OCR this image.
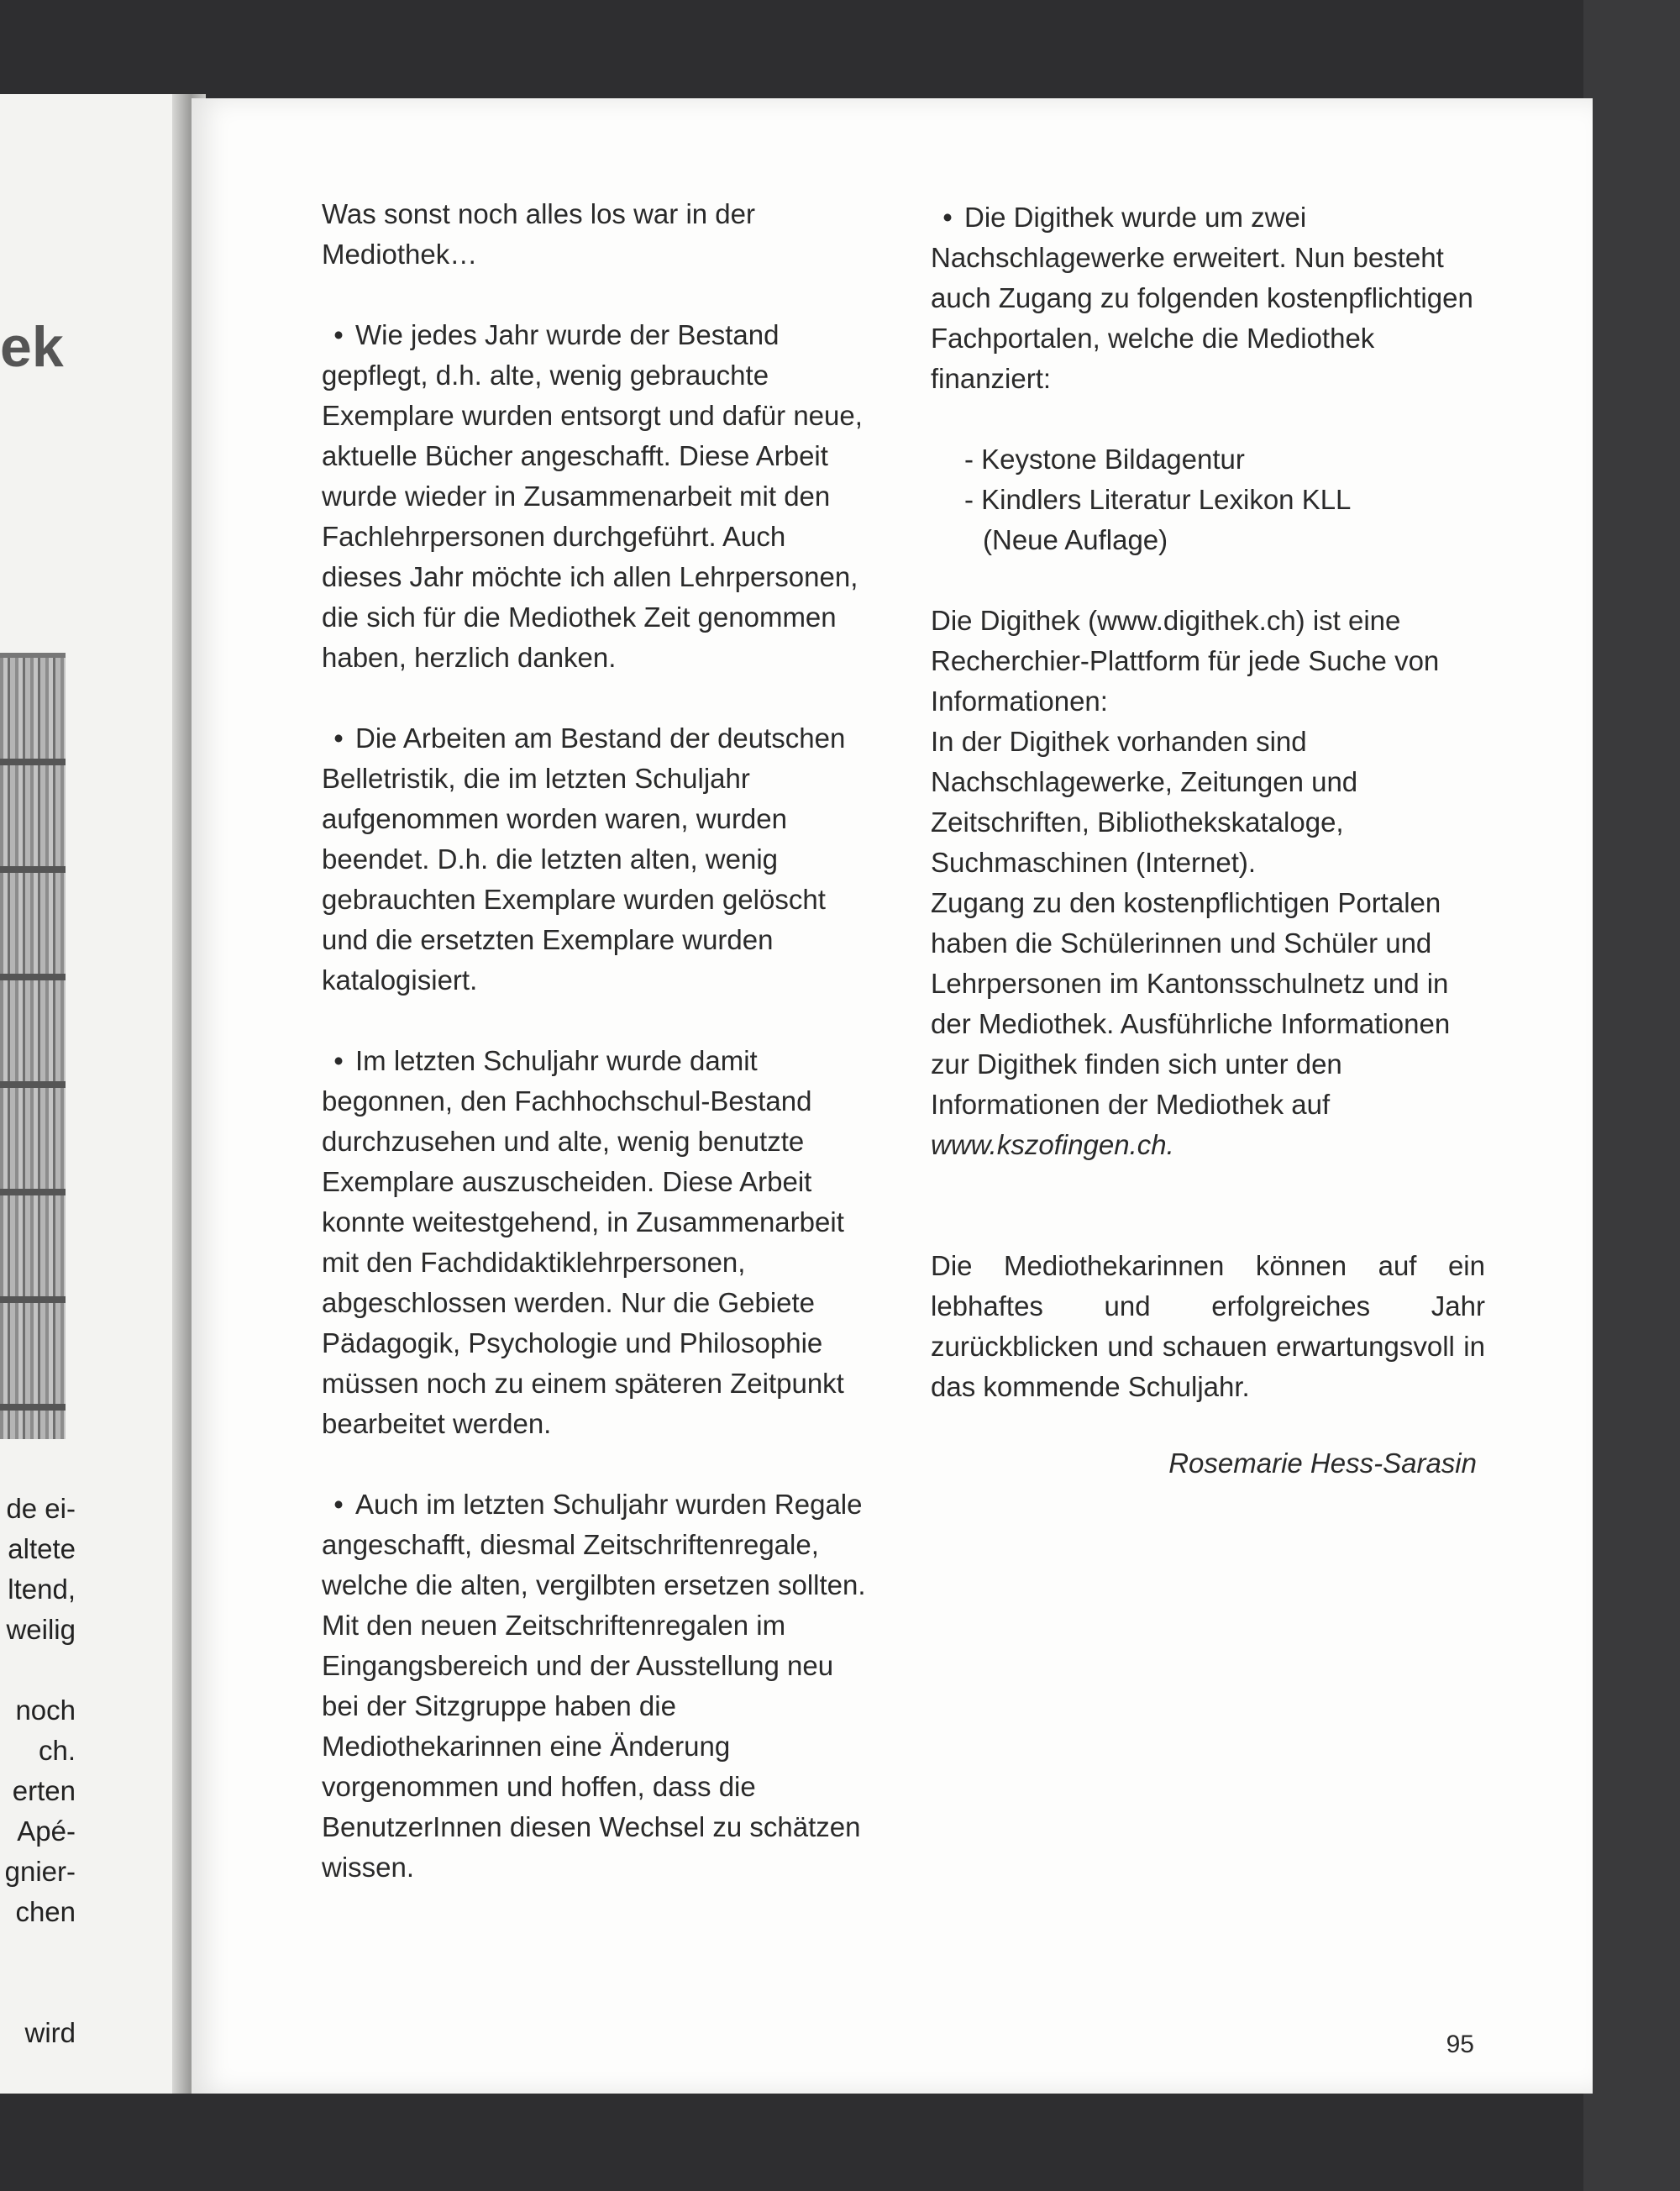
ek
de ei-
altete
ltend,
weilig
noch
ch.
erten
Apé-
gnier-
chen
wird

Was sonst noch alles los war in der

Mediothek…

• Wie jedes Jahr wurde der Bestand gepflegt, d.h. alte, wenig gebrauchte Exemplare wurden entsorgt und dafür neue, aktuelle Bücher angeschafft. Diese Arbeit wurde wieder in Zusammenarbeit mit den Fachlehrpersonen durchgeführt. Auch dieses Jahr möchte ich allen Lehrpersonen, die sich für die Mediothek Zeit genommen haben, herzlich danken.

• Die Arbeiten am Bestand der deutschen Belletristik, die im letzten Schuljahr aufgenommen worden waren, wurden beendet. D.h. die letzten alten, wenig gebrauchten Exemplare wurden gelöscht und die ersetzten Exemplare wurden katalogisiert.

• Im letzten Schuljahr wurde damit begonnen, den Fachhochschul-Bestand durchzusehen und alte, wenig benutzte Exemplare auszuscheiden. Diese Arbeit konnte weitestgehend, in Zusammenarbeit mit den Fachdidaktiklehrpersonen, abgeschlossen werden. Nur die Gebiete Pädagogik, Psychologie und Philosophie müssen noch zu einem späteren Zeitpunkt bearbeitet werden.

• Auch im letzten Schuljahr wurden Regale angeschafft, diesmal Zeitschriftenregale, welche die alten, vergilbten ersetzen sollten. Mit den neuen Zeitschriftenregalen im Eingangsbereich und der Ausstellung neu bei der Sitzgruppe haben die Mediothekarinnen eine Änderung vorgenommen und hoffen, dass die BenutzerInnen diesen Wechsel zu schätzen wissen.

• Die Digithek wurde um zwei Nachschlagewerke erweitert. Nun besteht auch Zugang zu folgenden kostenpflichtigen Fachportalen, welche die Mediothek finanziert:

- Keystone Bildagentur
- Kindlers Literatur Lexikon KLL
(Neue Auflage)

Die Digithek (www.digithek.ch) ist eine Recherchier-Plattform für jede Suche von Informationen:

In der Digithek vorhanden sind Nachschlagewerke, Zeitungen und Zeitschriften, Bibliothekskataloge, Suchmaschinen (Internet).

Zugang zu den kostenpflichtigen Portalen haben die Schülerinnen und Schüler und Lehrpersonen im Kantonsschulnetz und in der Mediothek. Ausführliche Informationen zur Digithek finden sich unter den Informationen der Mediothek auf www.kszofingen.ch.

Die Mediothekarinnen können auf ein lebhaftes und erfolgreiches Jahr zurückblicken und schauen erwartungsvoll in das kommende Schuljahr.

Rosemarie Hess-Sarasin
95
